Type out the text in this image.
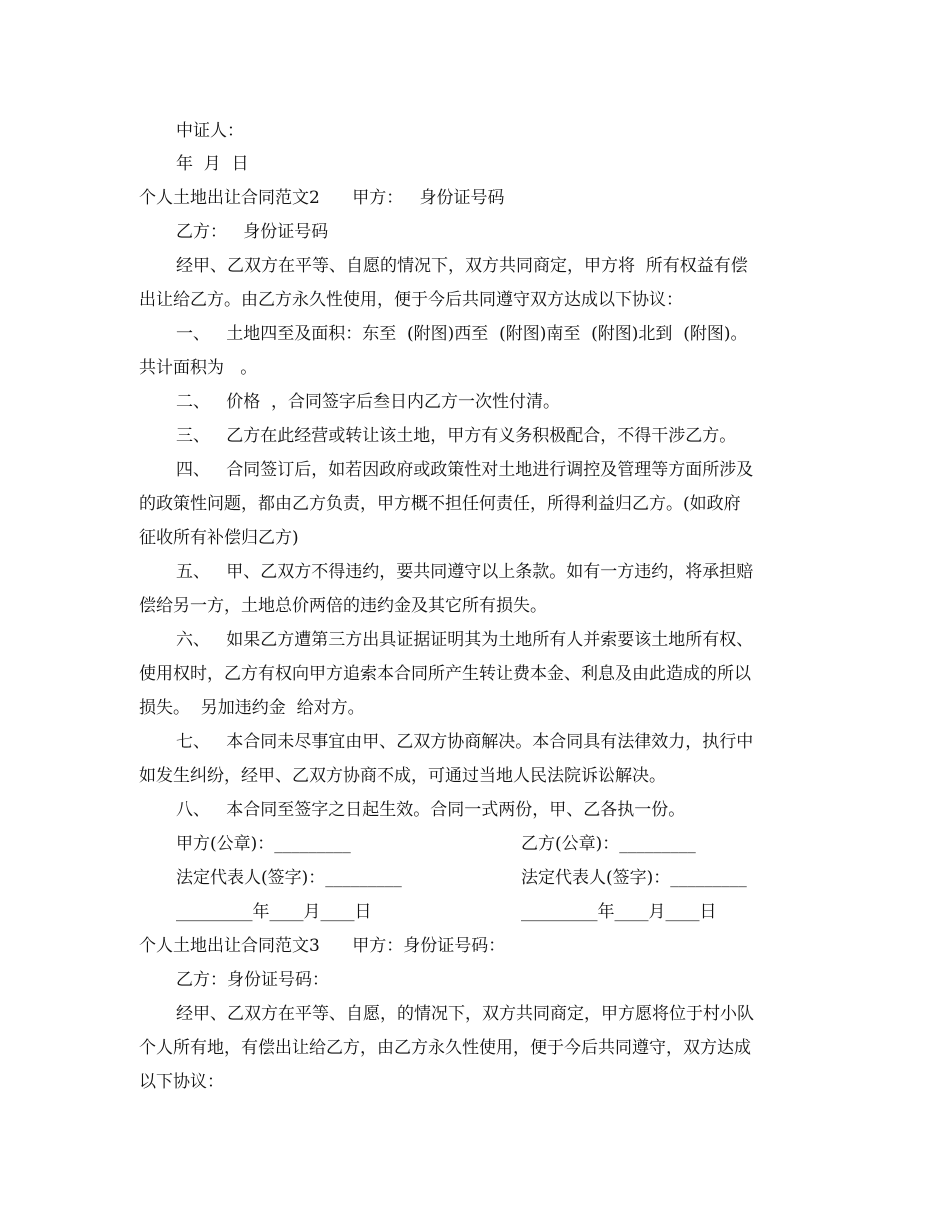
中证人：
年  月  日
个人土地出让合同范文2      甲方：   身份证号码
乙方：   身份证号码
经甲、乙双方在平等、自愿的情况下，双方共同商定，甲方将  所有权益有偿
出让给乙方。由乙方永久性使用，便于今后共同遵守双方达成以下协议：
一、   土地四至及面积：东至  (附图)西至  (附图)南至  (附图)北到  (附图)。
共计面积为   。
二、   价格  ，合同签字后叁日内乙方一次性付清。
三、   乙方在此经营或转让该土地，甲方有义务积极配合，不得干涉乙方。
四、   合同签订后，如若因政府或政策性对土地进行调控及管理等方面所涉及
的政策性问题，都由乙方负责，甲方概不担任何责任，所得利益归乙方。(如政府
征收所有补偿归乙方)
五、   甲、乙双方不得违约，要共同遵守以上条款。如有一方违约，将承担赔
偿给另一方，土地总价两倍的违约金及其它所有损失。
六、   如果乙方遭第三方出具证据证明其为土地所有人并索要该土地所有权、
使用权时，乙方有权向甲方追索本合同所产生转让费本金、利息及由此造成的所以
损失。  另加违约金  给对方。
七、   本合同未尽事宜由甲、乙双方协商解决。本合同具有法律效力，执行中
如发生纠纷，经甲、乙双方协商不成，可通过当地人民法院诉讼解决。
八、   本合同至签字之日起生效。合同一式两份，甲、乙各执一份。
甲方(公章)：_________	乙方(公章)：_________
法定代表人(签字)：_________	法定代表人(签字)：_________
_________年____月____日	_________年____月____日
个人土地出让合同范文3      甲方：身份证号码：
乙方：身份证号码：
经甲、乙双方在平等、自愿，的情况下，双方共同商定，甲方愿将位于村小队
个人所有地，有偿出让给乙方，由乙方永久性使用，便于今后共同遵守，双方达成
以下协议：
